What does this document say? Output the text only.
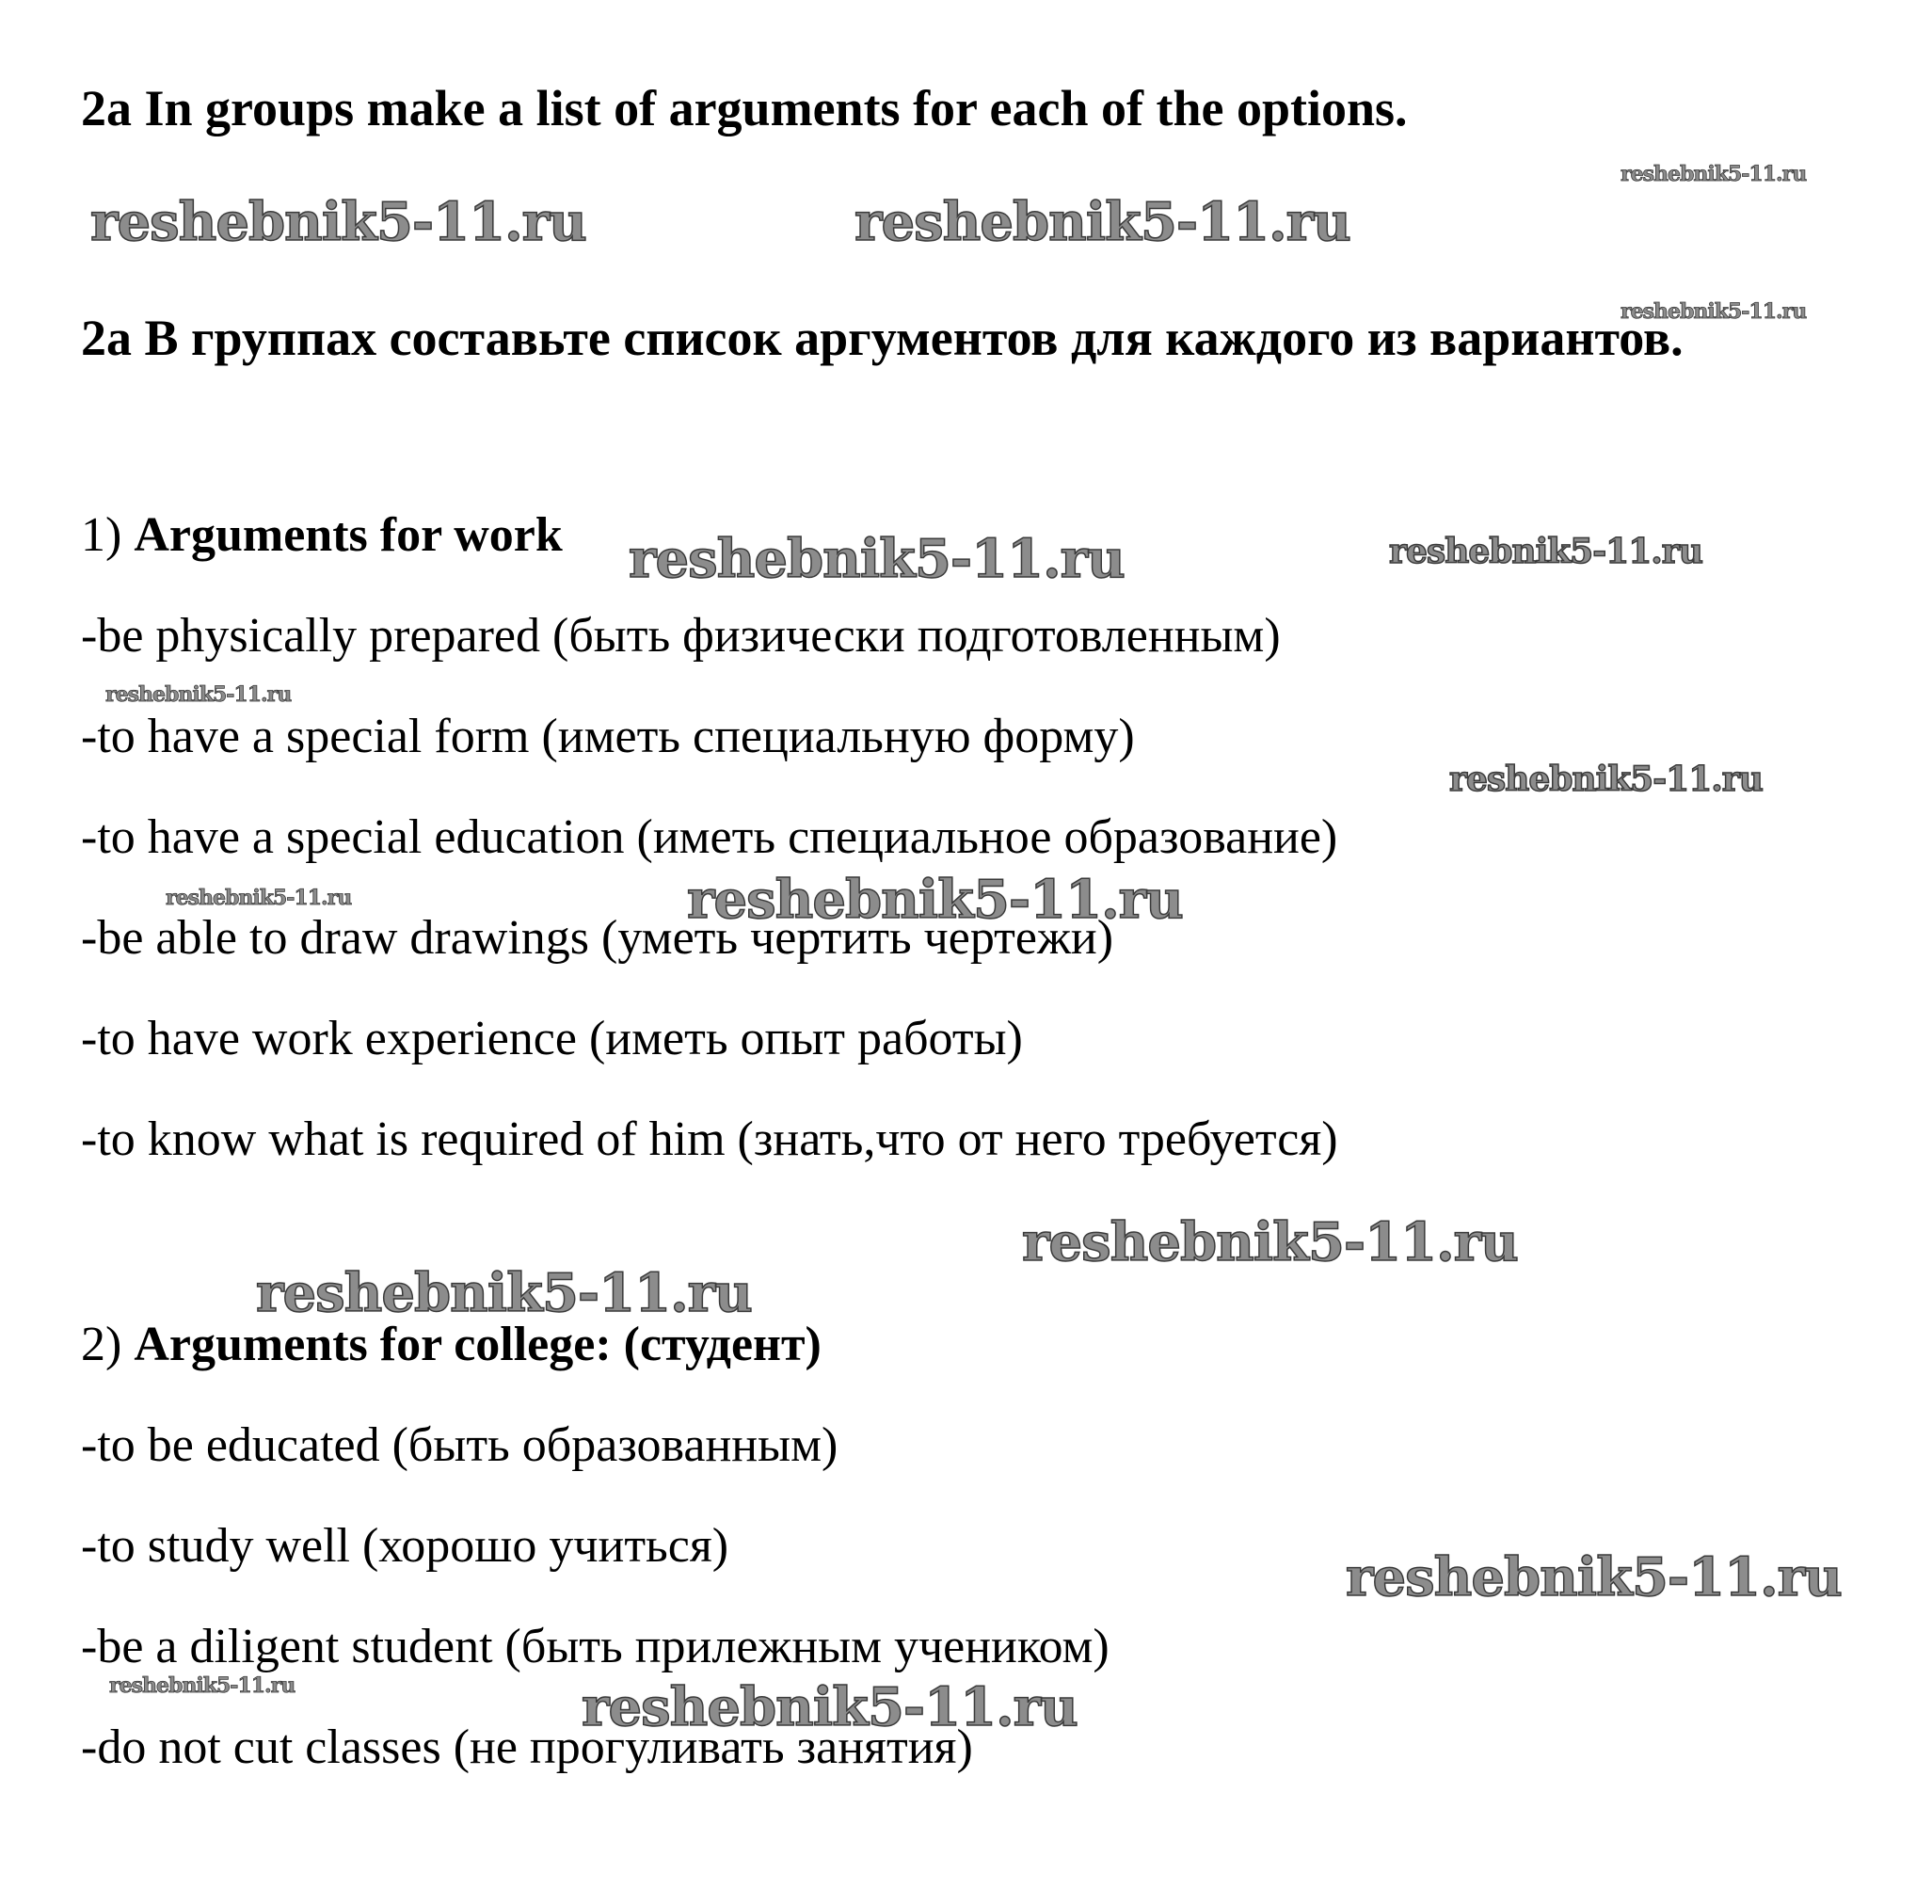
2a In groups make a list of arguments for each of the options.
2a В группах составьте список аргументов для каждого из вариантов.
1) Arguments for work
-be physically prepared (быть физически подготовленным)
-to have a special form (иметь специальную форму)
-to have a special education (иметь специальное образование)
-be able to draw drawings (уметь чертить чертежи)
-to have work experience (иметь опыт работы)
-to know what is required of him (знать,что от него требуется)
2) Arguments for college: (студент)
-to be educated (быть образованным)
-to study well (хорошо учиться)
-be a diligent student (быть прилежным учеником)
-do not cut classes (не прогуливать занятия)
reshebnik5-11.ru	reshebnik5-11.ru
reshebnik5-11.ru
reshebnik5-11.ru
reshebnik5-11.ru	reshebnik5-11.ru
reshebnik5-11.ru
reshebnik5-11.ru
reshebnik5-11.ru	reshebnik5-11.ru
reshebnik5-11.ru
reshebnik5-11.ru
reshebnik5-11.ru
reshebnik5-11.ru	reshebnik5-11.ru
